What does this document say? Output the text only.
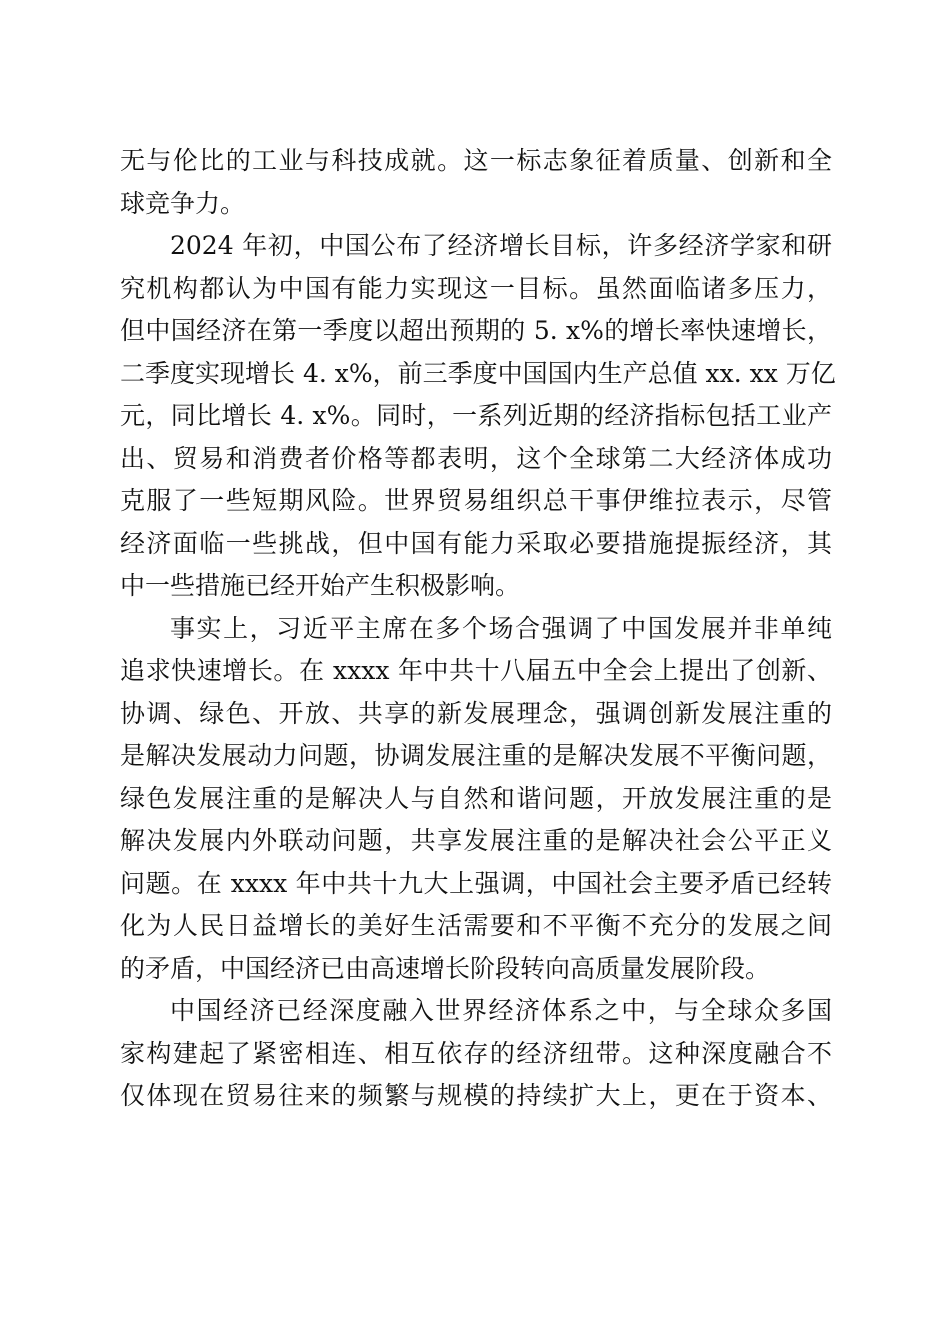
无与伦比的工业与科技成就。这一标志象征着质量、创新和全
球竞争力。
2024 年初，中国公布了经济增长目标，许多经济学家和研
究机构都认为中国有能力实现这一目标。虽然面临诸多压力，
但中国经济在第一季度以超出预期的 5. x%的增长率快速增长，
二季度实现增长 4. x%，前三季度中国国内生产总值 xx. xx 万亿
元，同比增长 4. x%。同时，一系列近期的经济指标包括工业产
出、贸易和消费者价格等都表明，这个全球第二大经济体成功
克服了一些短期风险。世界贸易组织总干事伊维拉表示，尽管
经济面临一些挑战，但中国有能力采取必要措施提振经济，其
中一些措施已经开始产生积极影响。
事实上，习近平主席在多个场合强调了中国发展并非单纯
追求快速增长。在 xxxx 年中共十八届五中全会上提出了创新、
协调、绿色、开放、共享的新发展理念，强调创新发展注重的
是解决发展动力问题，协调发展注重的是解决发展不平衡问题，
绿色发展注重的是解决人与自然和谐问题，开放发展注重的是
解决发展内外联动问题，共享发展注重的是解决社会公平正义
问题。在 xxxx 年中共十九大上强调，中国社会主要矛盾已经转
化为人民日益增长的美好生活需要和不平衡不充分的发展之间
的矛盾，中国经济已由高速增长阶段转向高质量发展阶段。
中国经济已经深度融入世界经济体系之中，与全球众多国
家构建起了紧密相连、相互依存的经济纽带。这种深度融合不
仅体现在贸易往来的频繁与规模的持续扩大上，更在于资本、
